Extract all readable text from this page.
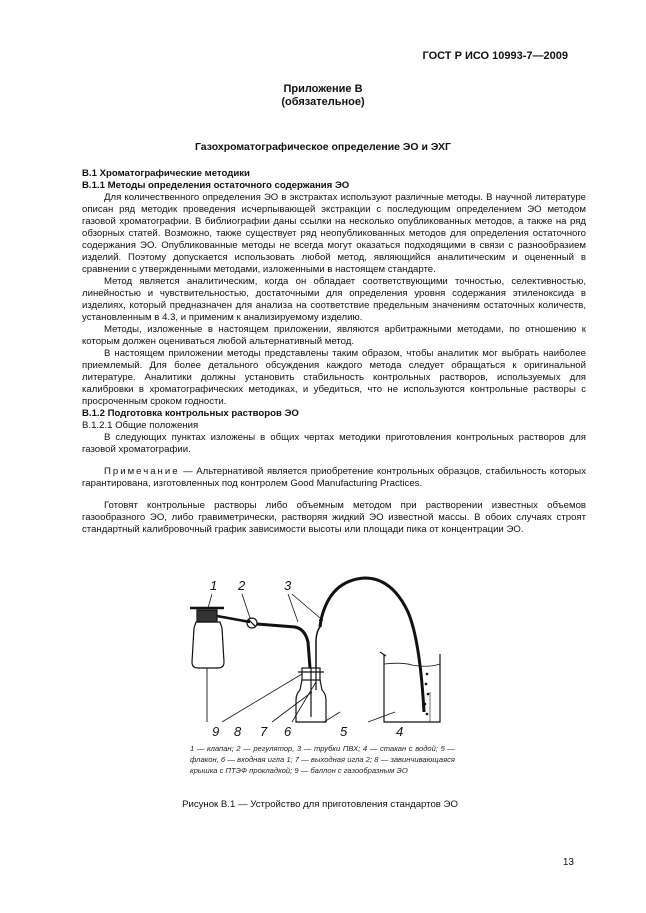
ГОСТ Р ИСО 10993-7—2009
Приложение В
(обязательное)
Газохроматографическое определение ЭО и ЭХГ

В.1 Хроматографические методики

В.1.1 Методы определения остаточного содержания ЭО

Для количественного определения ЭО в экстрактах используют различные методы. В научной литературе описан ряд методик проведения исчерпывающей экстракции с последующим определением ЭО методом газовой хроматографии. В библиографии даны ссылки на несколько опубликованных методов, а также на ряд обзорных статей. Возможно, также существует ряд неопубликованных методов для определения остаточного содержания ЭО. Опубликованные методы не всегда могут оказаться подходящими в связи с разнообразием изделий. Поэтому допускается использовать любой метод, являющийся аналитическим и оцененный в сравнении с утвержденными методами, изложенными в настоящем стандарте.

Метод является аналитическим, когда он обладает соответствующими точностью, селективностью, линейностью и чувствительностью, достаточными для определения уровня содержания этиленоксида в изделиях, который предназначен для анализа на соответствие предельным значениям остаточных количеств, установленным в 4.3, и применим к анализируемому изделию.

Методы, изложенные в настоящем приложении, являются арбитражными методами, по отношению к которым должен оцениваться любой альтернативный метод.

В настоящем приложении методы представлены таким образом, чтобы аналитик мог выбрать наиболее приемлемый. Для более детального обсуждения каждого метода следует обращаться к оригинальной литературе. Аналитики должны установить стабильность контрольных растворов, используемых для калибровки в хроматографических методиках, и убедиться, что не используются контрольные растворы с просроченным сроком годности.

В.1.2 Подготовка контрольных растворов ЭО

В.1.2.1 Общие положения

В следующих пунктах изложены в общих чертах методики приготовления контрольных растворов для газовой хроматографии.

Примечание — Альтернативой является приобретение контрольных образцов, стабильность которых гарантирована, изготовленных под контролем Good Manufacturing Practices.

Готовят контрольные растворы либо объемным методом при растворении известных объемов газообразного ЭО, либо гравиметрически, растворяя жидкий ЭО известной массы. В обоих случаях строят стандартный калибровочный график зависимости высоты или площади пика от концентрации ЭО.

1 2	3
9 8 7 6	5	4
1 — клапан; 2 — регулятор, 3 — трубки ПВХ; 4 — стакан с водой; 5 — флакон, 6 — входная игла 1; 7 — выходная игла 2; 8 — завинчивающаяся крышка с ПТЭФ прокладкой; 9 — баллон с газообразным ЭО
Рисунок В.1 — Устройство для приготовления стандартов ЭО
13
